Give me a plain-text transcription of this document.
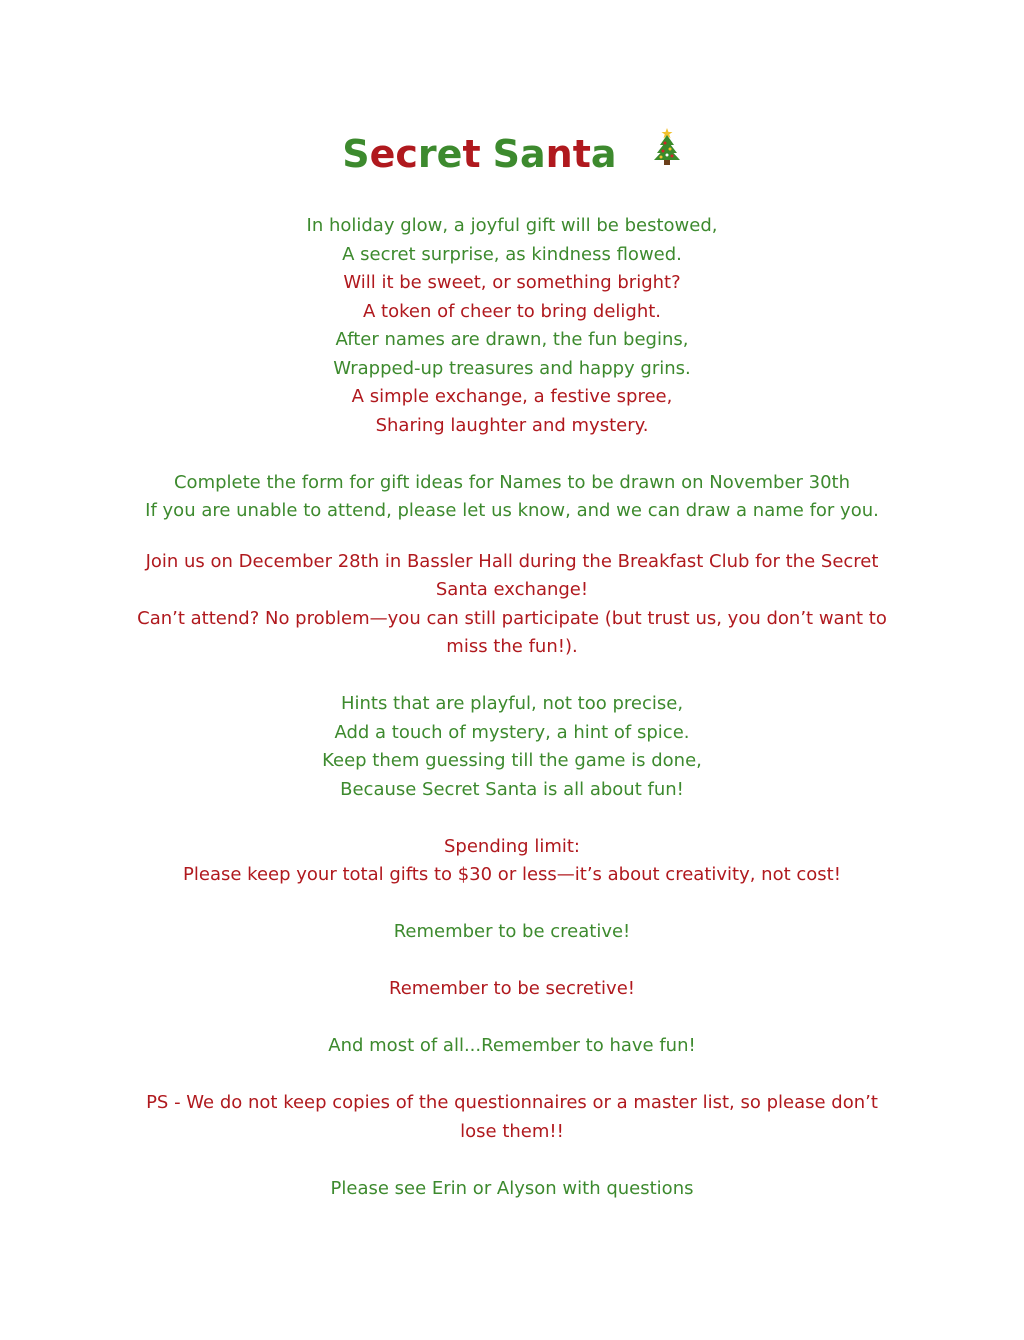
Secret Santa
In holiday glow, a joyful gift will be bestowed,
A secret surprise, as kindness flowed.
Will it be sweet, or something bright?
A token of cheer to bring delight.
After names are drawn, the fun begins,
Wrapped-up treasures and happy grins.
A simple exchange, a festive spree,
Sharing laughter and mystery.
Complete the form for gift ideas for Names to be drawn on November 30th
If you are unable to attend, please let us know, and we can draw a name for you.
Join us on December 28th in Bassler Hall during the Breakfast Club for the Secret
Santa exchange!
Can’t attend? No problem—you can still participate (but trust us, you don’t want to
miss the fun!).
Hints that are playful, not too precise,
Add a touch of mystery, a hint of spice.
Keep them guessing till the game is done,
Because Secret Santa is all about fun!
Spending limit:
Please keep your total gifts to $30 or less—it’s about creativity, not cost!
Remember to be creative!
Remember to be secretive!
And most of all...Remember to have fun!
PS - We do not keep copies of the questionnaires or a master list, so please don’t
lose them!!
Please see Erin or Alyson with questions
